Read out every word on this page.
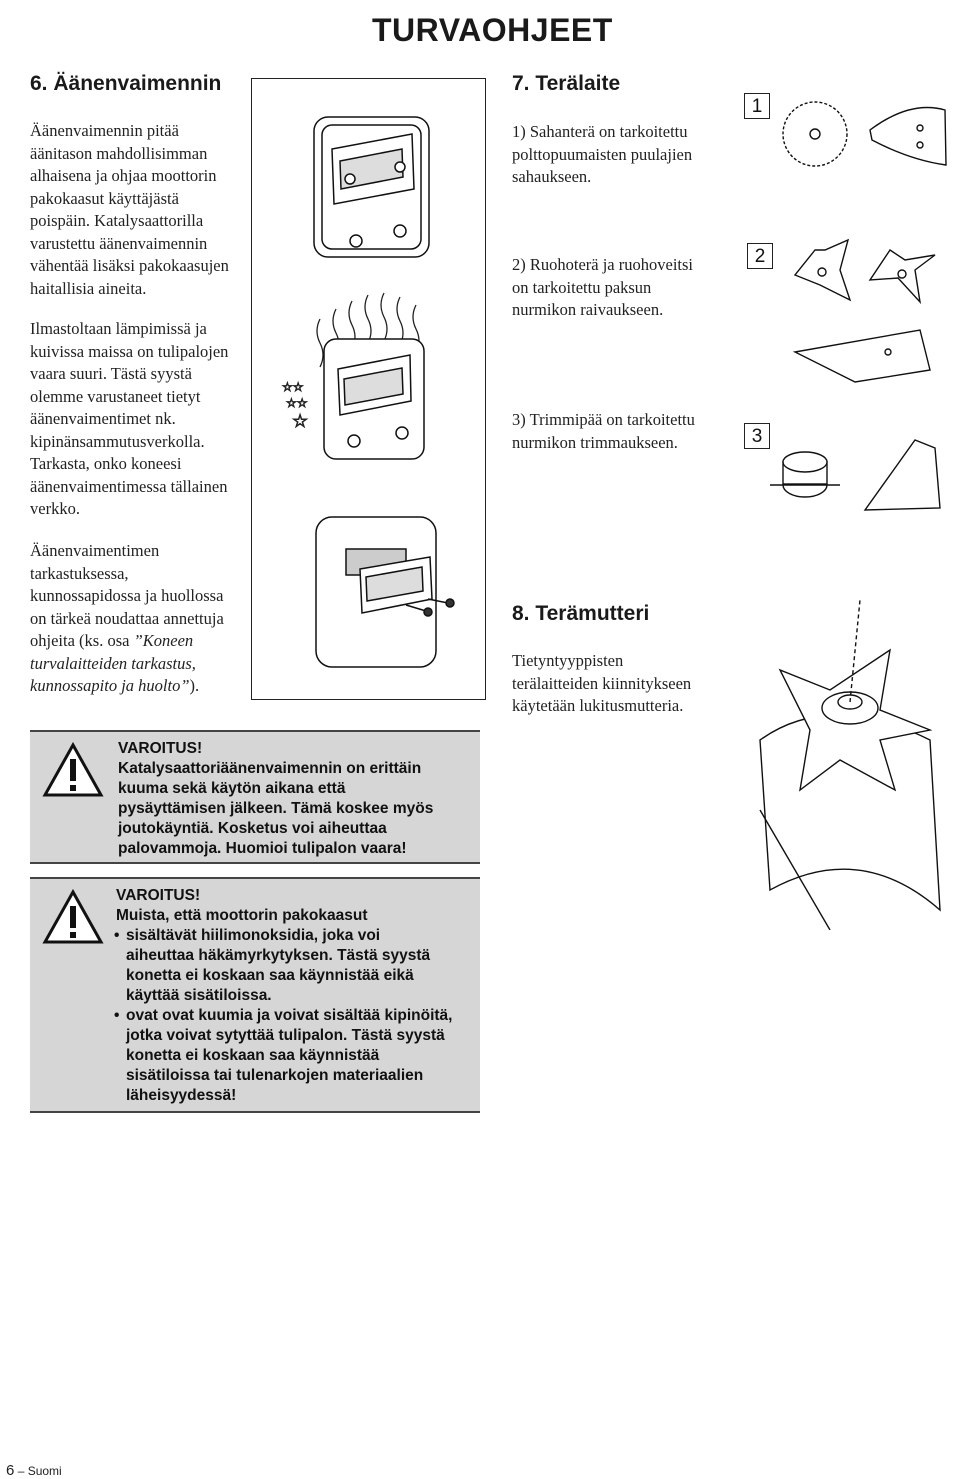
TURVAOHJEET
6. Äänenvaimennin

Äänenvaimennin pitää

äänitason mahdollisimman

alhaisena ja ohjaa moottorin

pakokaasut käyttäjästä

poispäin. Katalysaattorilla

varustettu äänenvaimennin

vähentää lisäksi pakokaasujen

haitallisia aineita.

Ilmastoltaan lämpimissä ja

kuivissa maissa on tulipalojen

vaara suuri. Tästä syystä

olemme varustaneet tietyt

äänenvaimentimet nk.

kipinänsammutusverkolla.

Tarkasta, onko koneesi

äänenvaimentimessa tällainen

verkko.

Äänenvaimentimen

tarkastuksessa,

kunnossapidossa ja huollossa

on tärkeä noudattaa annettuja

ohjeita (ks. osa ”Koneen

turvalaitteiden tarkastus,

kunnossapito ja huolto”).

☆☆
☆☆
☆
7. Terälaite

1) Sahanterä on tarkoitettu

polttopuumaisten puulajien

sahaukseen.

2) Ruohoterä ja ruohoveitsi

on tarkoitettu paksun

nurmikon raivaukseen.

3) Trimmipää on tarkoitettu

nurmikon trimmaukseen.

1
2
3
8. Terämutteri

Tietyntyyppisten

terälaitteiden kiinnitykseen

käytetään lukitusmutteria.

VAROITUS!
Katalysaattoriäänenvaimennin on erittäin
kuuma sekä käytön aikana että
pysäyttämisen jälkeen. Tämä koskee myös
joutokäyntiä. Kosketus voi aiheuttaa
palovammoja. Huomioi tulipalon vaara!
VAROITUS!
Muista, että moottorin pakokaasut
• sisältävät hiilimonoksidia, joka voi
aiheuttaa häkämyrkytyksen. Tästä syystä
konetta ei koskaan saa käynnistää eikä
käyttää sisätiloissa.
• ovat ovat kuumia ja voivat sisältää kipinöitä,
jotka voivat sytyttää tulipalon. Tästä syystä
konetta ei koskaan saa käynnistää
sisätiloissa tai tulenarkojen materiaalien
läheisyydessä!
6 – Suomi
